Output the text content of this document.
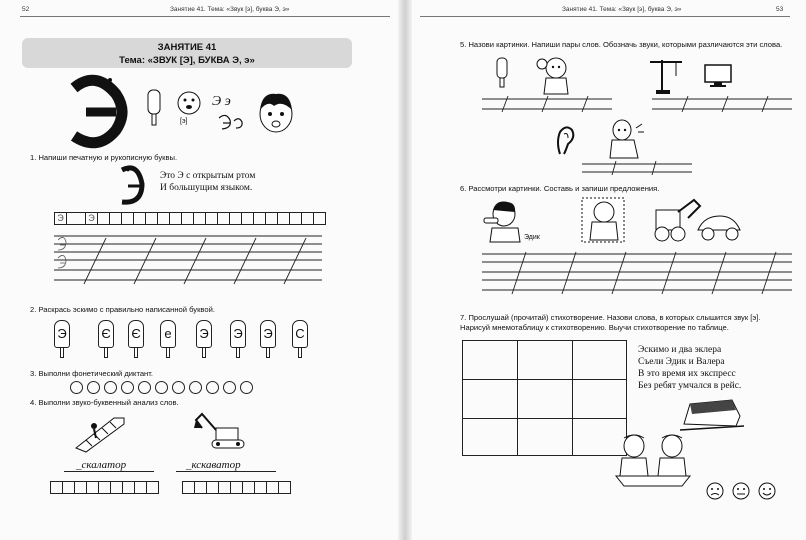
52	Занятие 41. Тема: «Звук [э], буква Э, э»
ЗАНЯТИЕ 41
Тема: «ЗВУК [Э], БУКВА Э, э»
[э]
Э э
1. Напиши печатную и рукописную буквы.
Это Э с открытым ртом
И большущим языком.
Э	Э
2. Раскрась эскимо с правильно написанной буквой.
Э	Є Є	е	Э Э Э С
3. Выполни фонетический диктант.
4. Выполни звуко-буквенный анализ слов.
_скалатор	_кскаватор
Занятие 41. Тема: «Звук [э], буква Э, э»	53
5. Назови картинки. Напиши пары слов. Обозначь звуки, которыми различаются эти слова.
6. Рассмотри картинки. Составь и запиши предложения.
Эдик
7. Прослушай (прочитай) стихотворение. Назови слова, в которых слышится звук [э]. Нарисуй мнемотаблицу к стихотворению. Выучи стихотворение по таблице.
Эскимо и два эклера
Съели Эдик и Валера
В это время их экспресс
Без ребят умчался в рейс.
